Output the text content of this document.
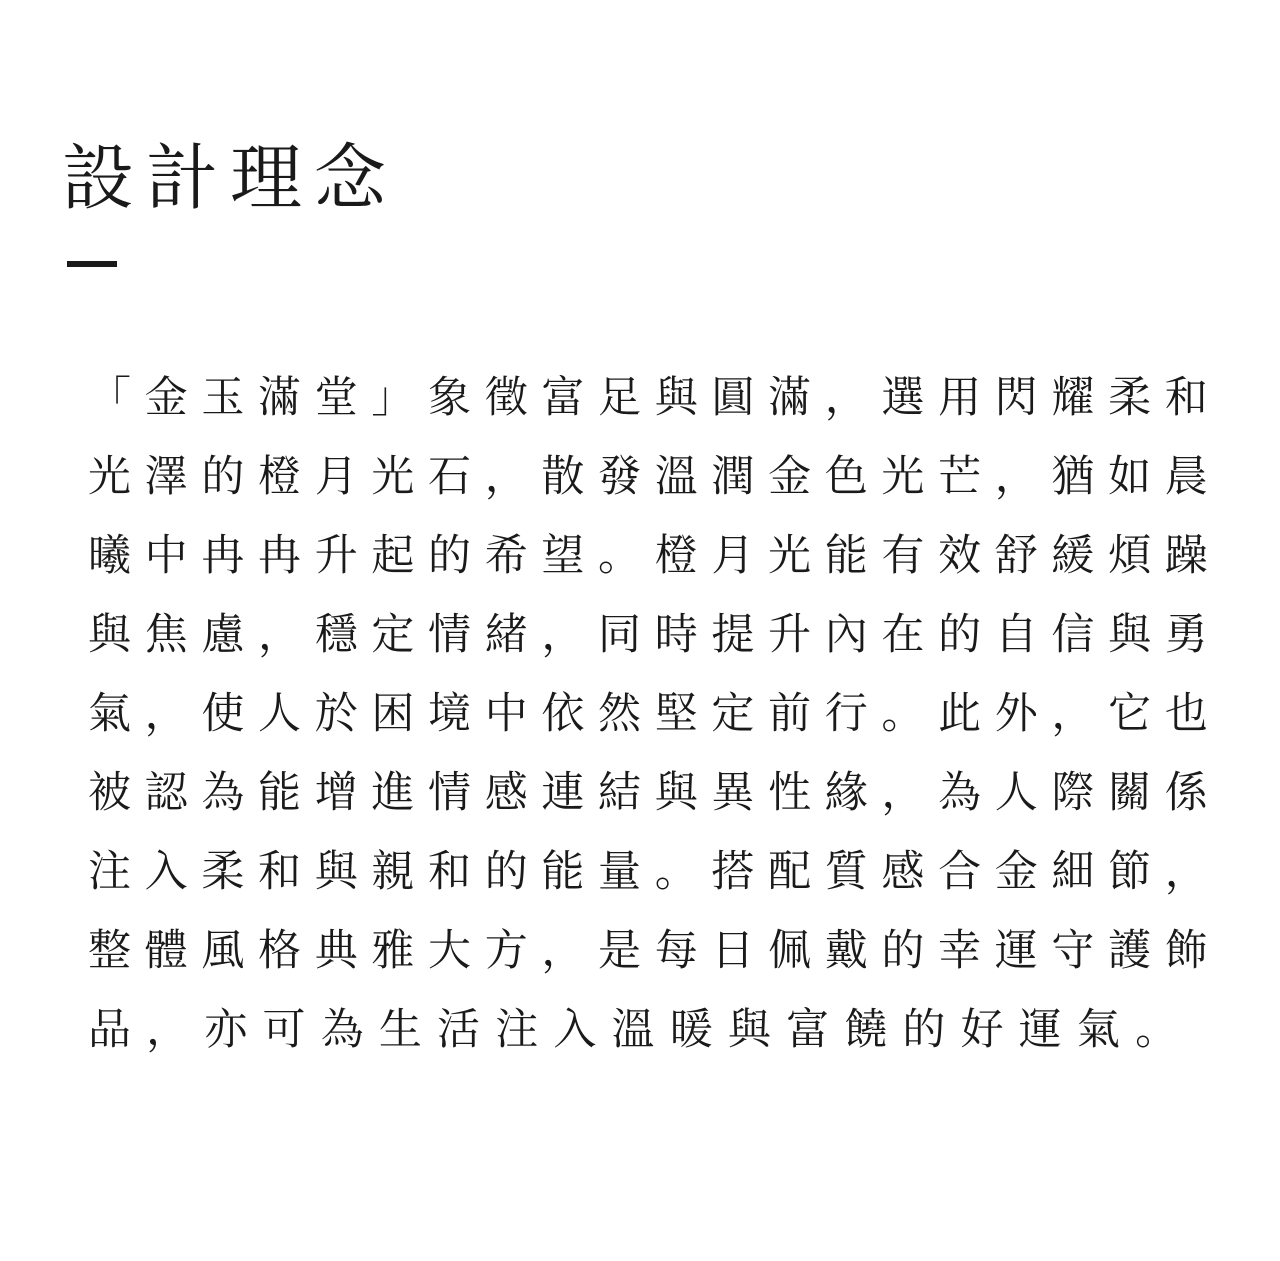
設計理念
「 金 玉 滿 堂 」 象 徵 富 足 與 圓 滿 ， 選 用 閃 耀 柔 和
光 澤 的 橙 月 光 石 ， 散 發 溫 潤 金 色 光 芒 ， 猶 如 晨
曦 中 冉 冉 升 起 的 希 望 。 橙 月 光 能 有 效 舒 緩 煩 躁
與 焦 慮 ， 穩 定 情 緒 ， 同 時 提 升 內 在 的 自 信 與 勇
氣 ， 使 人 於 困 境 中 依 然 堅 定 前 行 。 此 外 ， 它 也
被 認 為 能 增 進 情 感 連 結 與 異 性 緣 ， 為 人 際 關 係
注 入 柔 和 與 親 和 的 能 量 。 搭 配 質 感 合 金 細 節 ，
整 體 風 格 典 雅 大 方 ， 是 每 日 佩 戴 的 幸 運 守 護 飾
品 ， 亦 可 為 生 活 注 入 溫 暖 與 富 饒 的 好 運 氣 。
